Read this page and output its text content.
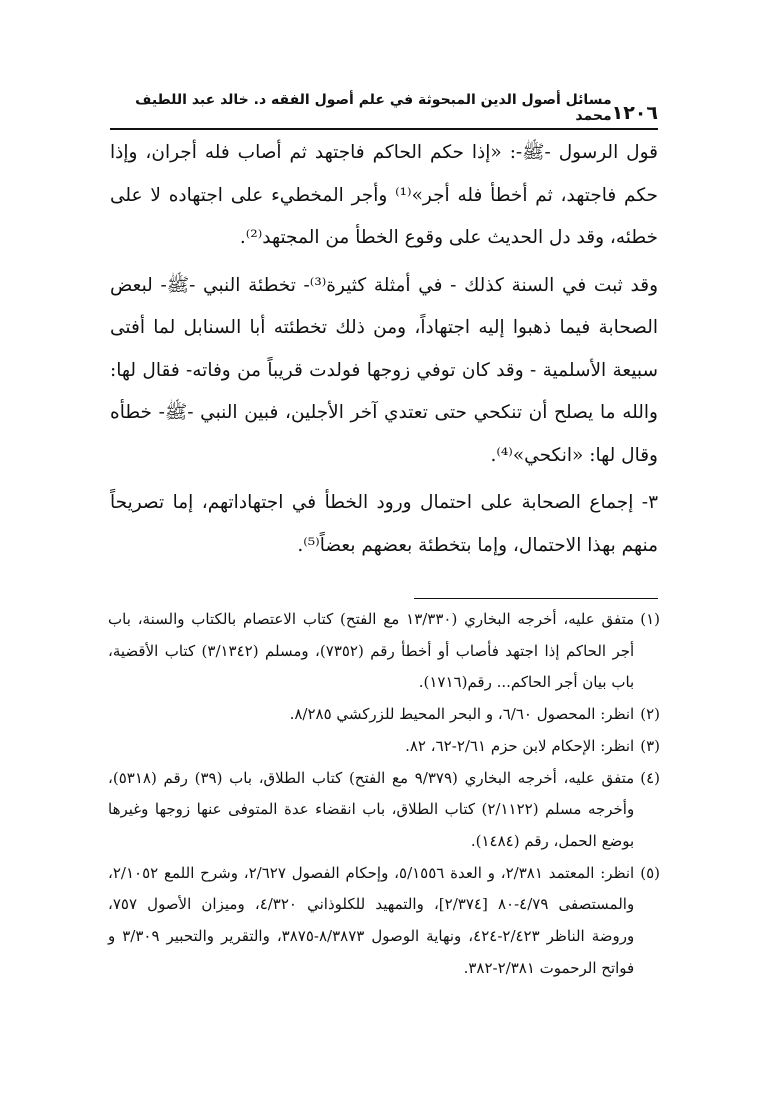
١٢٠٦
مسائل أصول الدين المبحوثة في علم أصول الفقه د. خالد عبد اللطيف محمد

قول الرسول -ﷺ-: «إذا حكم الحاكم فاجتهد ثم أصاب فله أجران، وإذا حكم فاجتهد، ثم أخطأ فله أجر»⁽¹⁾ وأجر المخطيء على اجتهاده لا على خطئه، وقد دل الحديث على وقوع الخطأ من المجتهد⁽²⁾.

وقد ثبت في السنة كذلك - في أمثلة كثيرة⁽³⁾- تخطئة النبي -ﷺ- لبعض الصحابة فيما ذهبوا إليه اجتهاداً، ومن ذلك تخطئته أبا السنابل لما أفتى سبيعة الأسلمية - وقد كان توفي زوجها فولدت قريباً من وفاته- فقال لها: والله ما يصلح أن تنكحي حتى تعتدي آخر الأجلين، فبين النبي -ﷺ- خطأه وقال لها: «انكحي»⁽⁴⁾.

٣- إجماع الصحابة على احتمال ورود الخطأ في اجتهاداتهم، إما تصريحاً منهم بهذا الاحتمال، وإما بتخطئة بعضهم بعضاً⁽⁵⁾.

(١)
متفق عليه، أخرجه البخاري (١٣/٣٣٠ مع الفتح) كتاب الاعتصام بالكتاب والسنة، باب أجر الحاكم إذا اجتهد فأصاب أو أخطأ رقم (٧٣٥٢)، ومسلم (٣/١٣٤٢) كتاب الأقضية، باب بيان أجر الحاكم... رقم(١٧١٦).
(٢)
انظر: المحصول ٦/٦٠، و البحر المحيط للزركشي ٨/٢٨٥.
(٣)
انظر: الإحكام لابن حزم ٢/٦١-٦٢، ٨٢.
(٤)
متفق عليه، أخرجه البخاري (٩/٣٧٩ مع الفتح) كتاب الطلاق، باب (٣٩) رقم (٥٣١٨)، وأخرجه مسلم (٢/١١٢٢) كتاب الطلاق، باب انقضاء عدة المتوفى عنها زوجها وغيرها بوضع الحمل، رقم (١٤٨٤).
(٥)
انظر: المعتمد ٢/٣٨١، و العدة ٥/١٥٥٦، وإحكام الفصول ٢/٦٢٧، وشرح اللمع ٢/١٠٥٢، والمستصفى ٤/٧٩-٨٠ [٢/٣٧٤]، والتمهيد للكلوذاني ٤/٣٢٠، وميزان الأصول ٧٥٧، وروضة الناظر ٢/٤٢٣-٤٢٤، ونهاية الوصول ٨/٣٨٧٣-٣٨٧٥، والتقرير والتحبير ٣/٣٠٩ و فواتح الرحموت ٢/٣٨١-٣٨٢.
